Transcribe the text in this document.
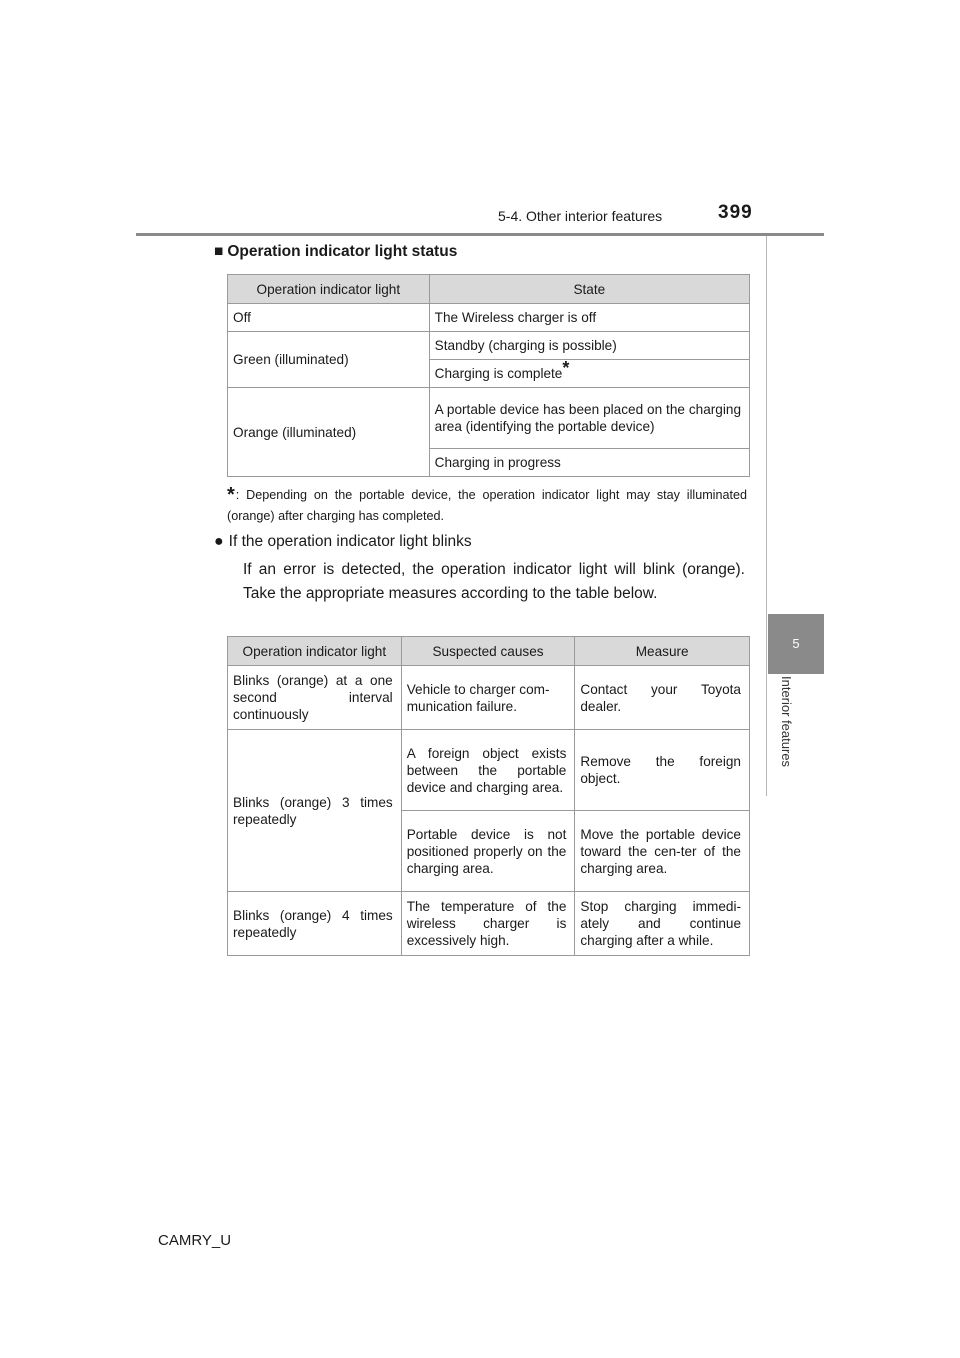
5-4. Other interior features	399
5
Interior features
■ Operation indicator light status
Operation indicator light	State
Off	The Wireless charger is off
Green (illuminated)	Standby (charging is possible)
	Charging is complete*
Orange (illuminated)	A portable device has been placed on the charging area (identifying the portable device)
	Charging in progress
*: Depending on the portable device, the operation indicator light may stay illuminated (orange) after charging has completed.
● If the operation indicator light blinks
If an error is detected, the operation indicator light will blink (orange). Take the appropriate measures according to the table below.
Operation indicator light	Suspected causes	Measure
Blinks (orange) at a one second interval continuously	Vehicle to charger com-munication failure.	Contact your Toyota dealer.
Blinks (orange) 3 times repeatedly	A foreign object exists between the portable device and charging area.	Remove the foreign object.
	Portable device is not positioned properly on the charging area.	Move the portable device toward the cen-ter of the charging area.
Blinks (orange) 4 times repeatedly	The temperature of the wireless charger is excessively high.	Stop charging immedi-ately and continue charging after a while.
CAMRY_U
